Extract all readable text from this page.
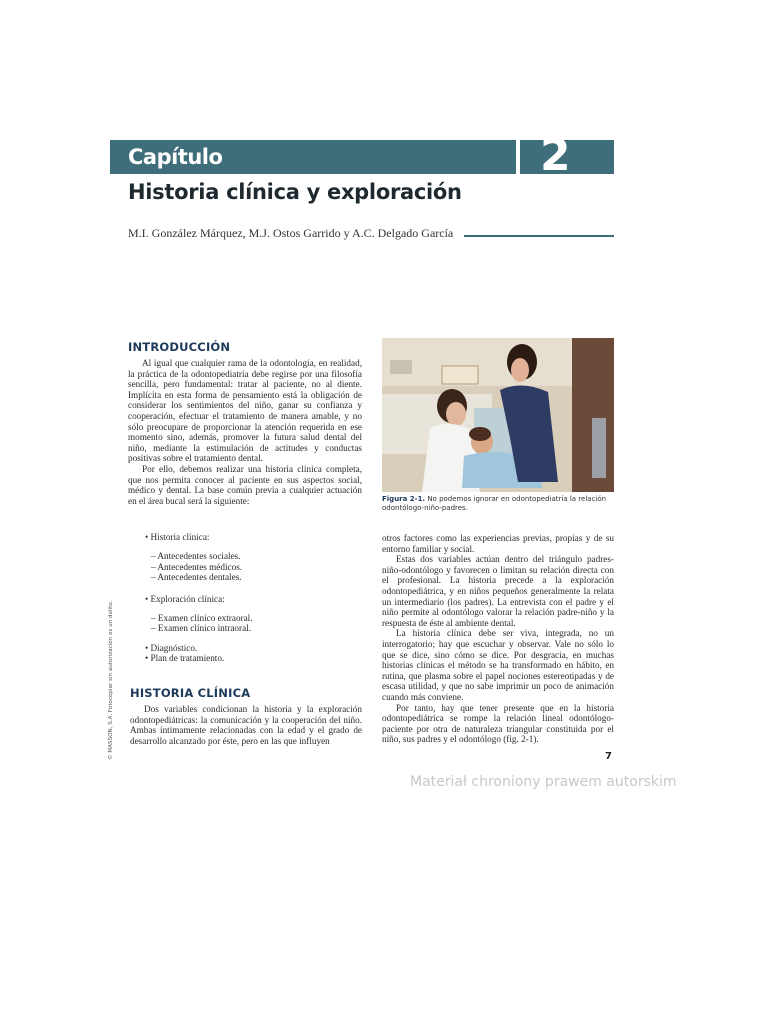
Capítulo	2
Historia clínica y exploración
M.I. González Márquez, M.J. Ostos Garrido y A.C. Delgado García
INTRODUCCIÓN

Al igual que cualquier rama de la odontología, en realidad, la práctica de la odontopediatría debe regirse por una filosofía sencilla, pero fundamental: tratar al paciente, no al diente. Implícita en esta forma de pensamiento está la obligación de considerar los sentimientos del niño, ganar su confianza y cooperación, efectuar el tratamiento de manera amable, y no sólo preocupare de proporcionar la atención requerida en ese momento sino, además, promover la futura salud dental del niño, mediante la estimulación de actitudes y conductas positivas sobre el tratamiento dental.

Por ello, debemos realizar una historia clínica completa, que nos permita conocer al paciente en sus aspectos social, médico y dental. La base común previa a cualquier actuación en el área bucal será la siguiente:

• Historia clínica:
– Antecedentes sociales.
– Antecedentes médicos.
– Antecedentes dentales.
• Exploración clínica:
– Examen clínico extraoral.
– Examen clínico intraoral.
• Diagnóstico.
• Plan de tratamiento.
HISTORIA CLÍNICA

Dos variables condicionan la historia y la exploración odontopediátricas: la comunicación y la cooperación del niño. Ambas íntimamente relacionadas con la edad y el grado de desarrollo alcanzado por éste, pero en las que influyen

Figura 2-1. No podemos ignorar en odontopediatría la relación odontólogo-niño-padres.

otros factores como las experiencias previas, propias y de su entorno familiar y social.

Estas dos variables actúan dentro del triángulo padres-niño-odontólogo y favorecen o limitan su relación directa con el profesional. La historia precede a la exploración odontopediátrica, y en niños pequeños generalmente la relata un intermediario (los padres). La entrevista con el padre y el niño permite al odontólogo valorar la relación padre-niño y la respuesta de éste al ambiente dental.

La historia clínica debe ser viva, integrada, no un interrogatorio; hay que escuchar y observar. Vale no sólo lo que se dice, sino cómo se dice. Por desgracia, en muchas historias clínicas el método se ha transformado en hábito, en rutina, que plasma sobre el papel nociones estereotipadas y de escasa utilidad, y que no sabe imprimir un poco de animación cuando más conviene.

Por tanto, hay que tener presente que en la historia odontopediátrica se rompe la relación lineal odontólogo-paciente por otra de naturaleza triangular constituida por el niño, sus padres y el odontólogo (fig. 2-1).

© MASSON, S.A. Fotocopiar sin autorización es un delito.	7
Materiał chroniony prawem autorskim
